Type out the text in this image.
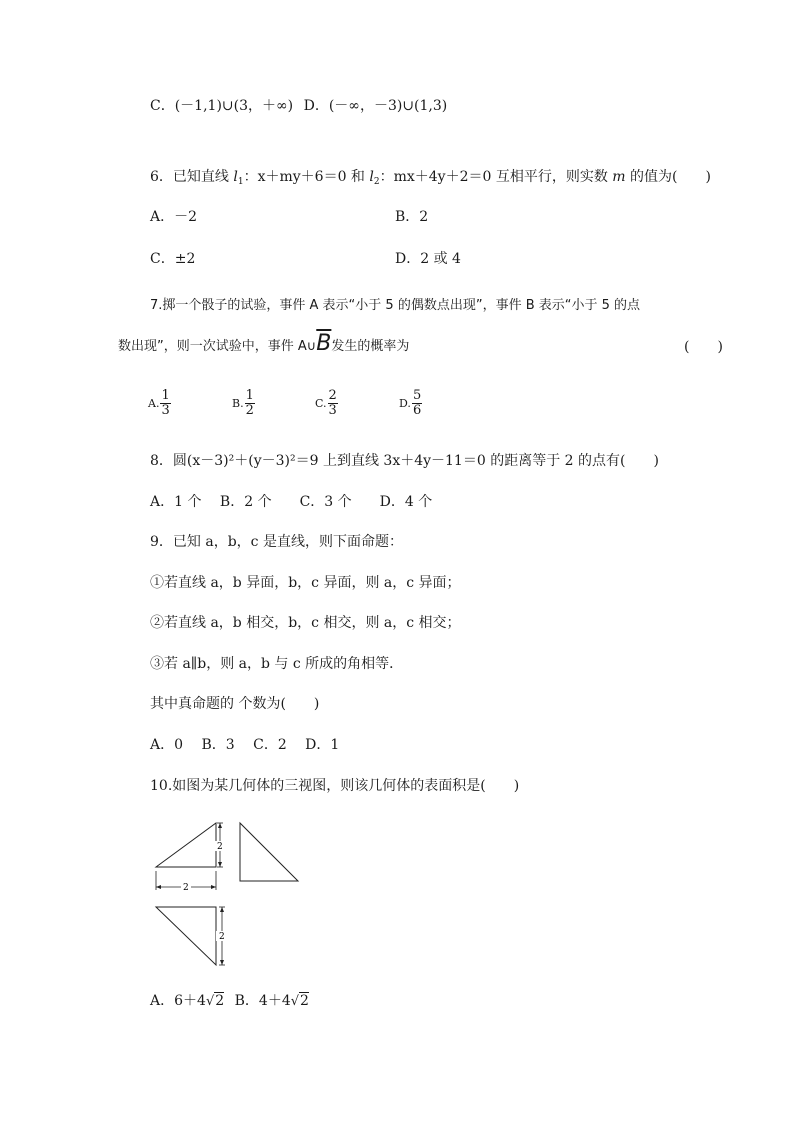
C．(－1,1)∪(3，＋∞) D．(－∞，－3)∪(1,3)
6．已知直线 $l_1$：x＋my＋6＝0 和 $l_2$：mx＋4y＋2＝0 互相平行，则实数 m 的值为(　　)
A．－2	B．2
C．±2	D．2 或 4
7.掷一个骰子的试验，事件 A 表示“小于 5 的偶数点出现”，事件 B 表示“小于 5 的点
数出现”，则一次试验中，事件 $A\cup\overline{B}$发生的概率为	(　　)
A. $\frac{1}{3}$	B. $\frac{1}{2}$	C. $\frac{2}{3}$	D. $\frac{5}{6}$
8．圆(x－3)²＋(y－3)²＝9 上到直线 3x＋4y－11＝0 的距离等于 2 的点有(　　)
A．1 个　 B．2 个　　C．3 个　　D．4 个
9．已知 a，b，c 是直线，则下面命题：
①若直线 a，b 异面，b，c 异面，则 a，c 异面；
②若直线 a，b 相交，b，c 相交，则 a，c 相交；
③若 a∥b，则 a，b 与 c 所成的角相等．
其中真命题的 个数为(　　)
A．0　 B．3　 C．2　 D．1
10.如图为某几何体的三视图，则该几何体的表面积是(　　)
2
2
2
A．6＋4√2 B．4＋4√2
